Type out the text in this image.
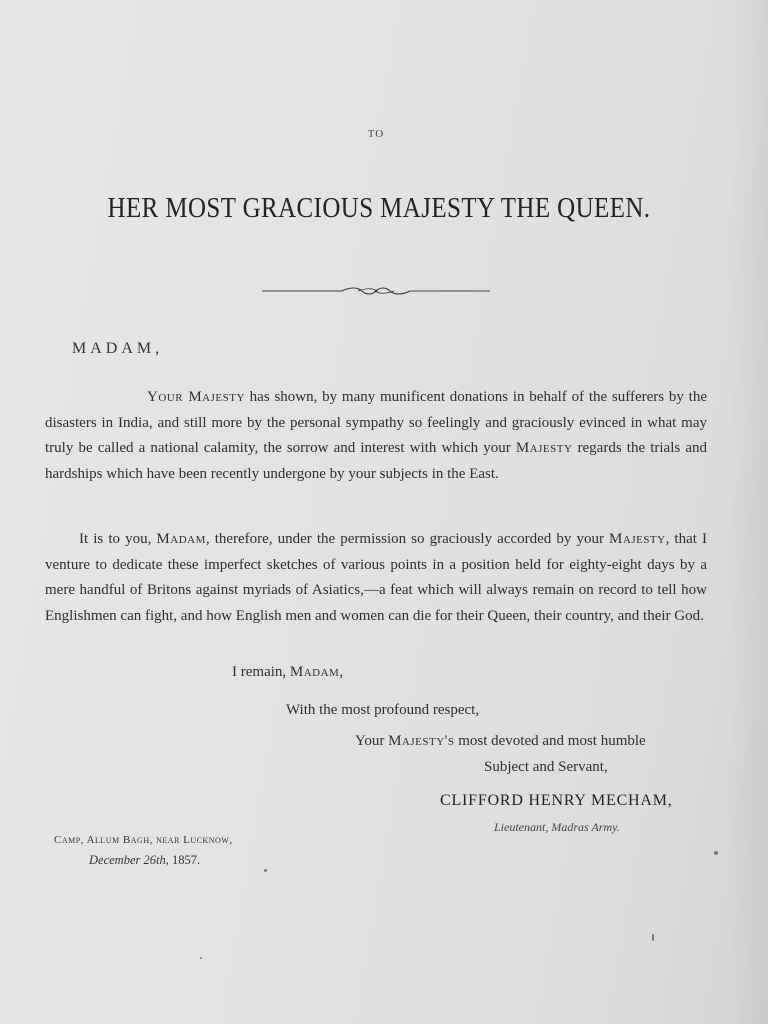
TO
HER MOST GRACIOUS MAJESTY THE QUEEN.
MADAM,

Your Majesty has shown, by many munificent donations in behalf of the sufferers by the disasters in India, and still more by the personal sympathy so feelingly and graciously evinced in what may truly be called a national calamity, the sorrow and interest with which your Majesty regards the trials and hardships which have been recently undergone by your subjects in the East.

It is to you, Madam, therefore, under the permission so graciously accorded by your Majesty, that I venture to dedicate these imperfect sketches of various points in a position held for eighty-eight days by a mere handful of Britons against myriads of Asiatics,—a feat which will always remain on record to tell how Englishmen can fight, and how English men and women can die for their Queen, their country, and their God.

I remain, Madam,
With the most profound respect,
Your Majesty's most devoted and most humble
Subject and Servant,
CLIFFORD HENRY MECHAM,
Lieutenant, Madras Army.
Camp, Allum Bagh, near Lucknow,
December 26th, 1857.
